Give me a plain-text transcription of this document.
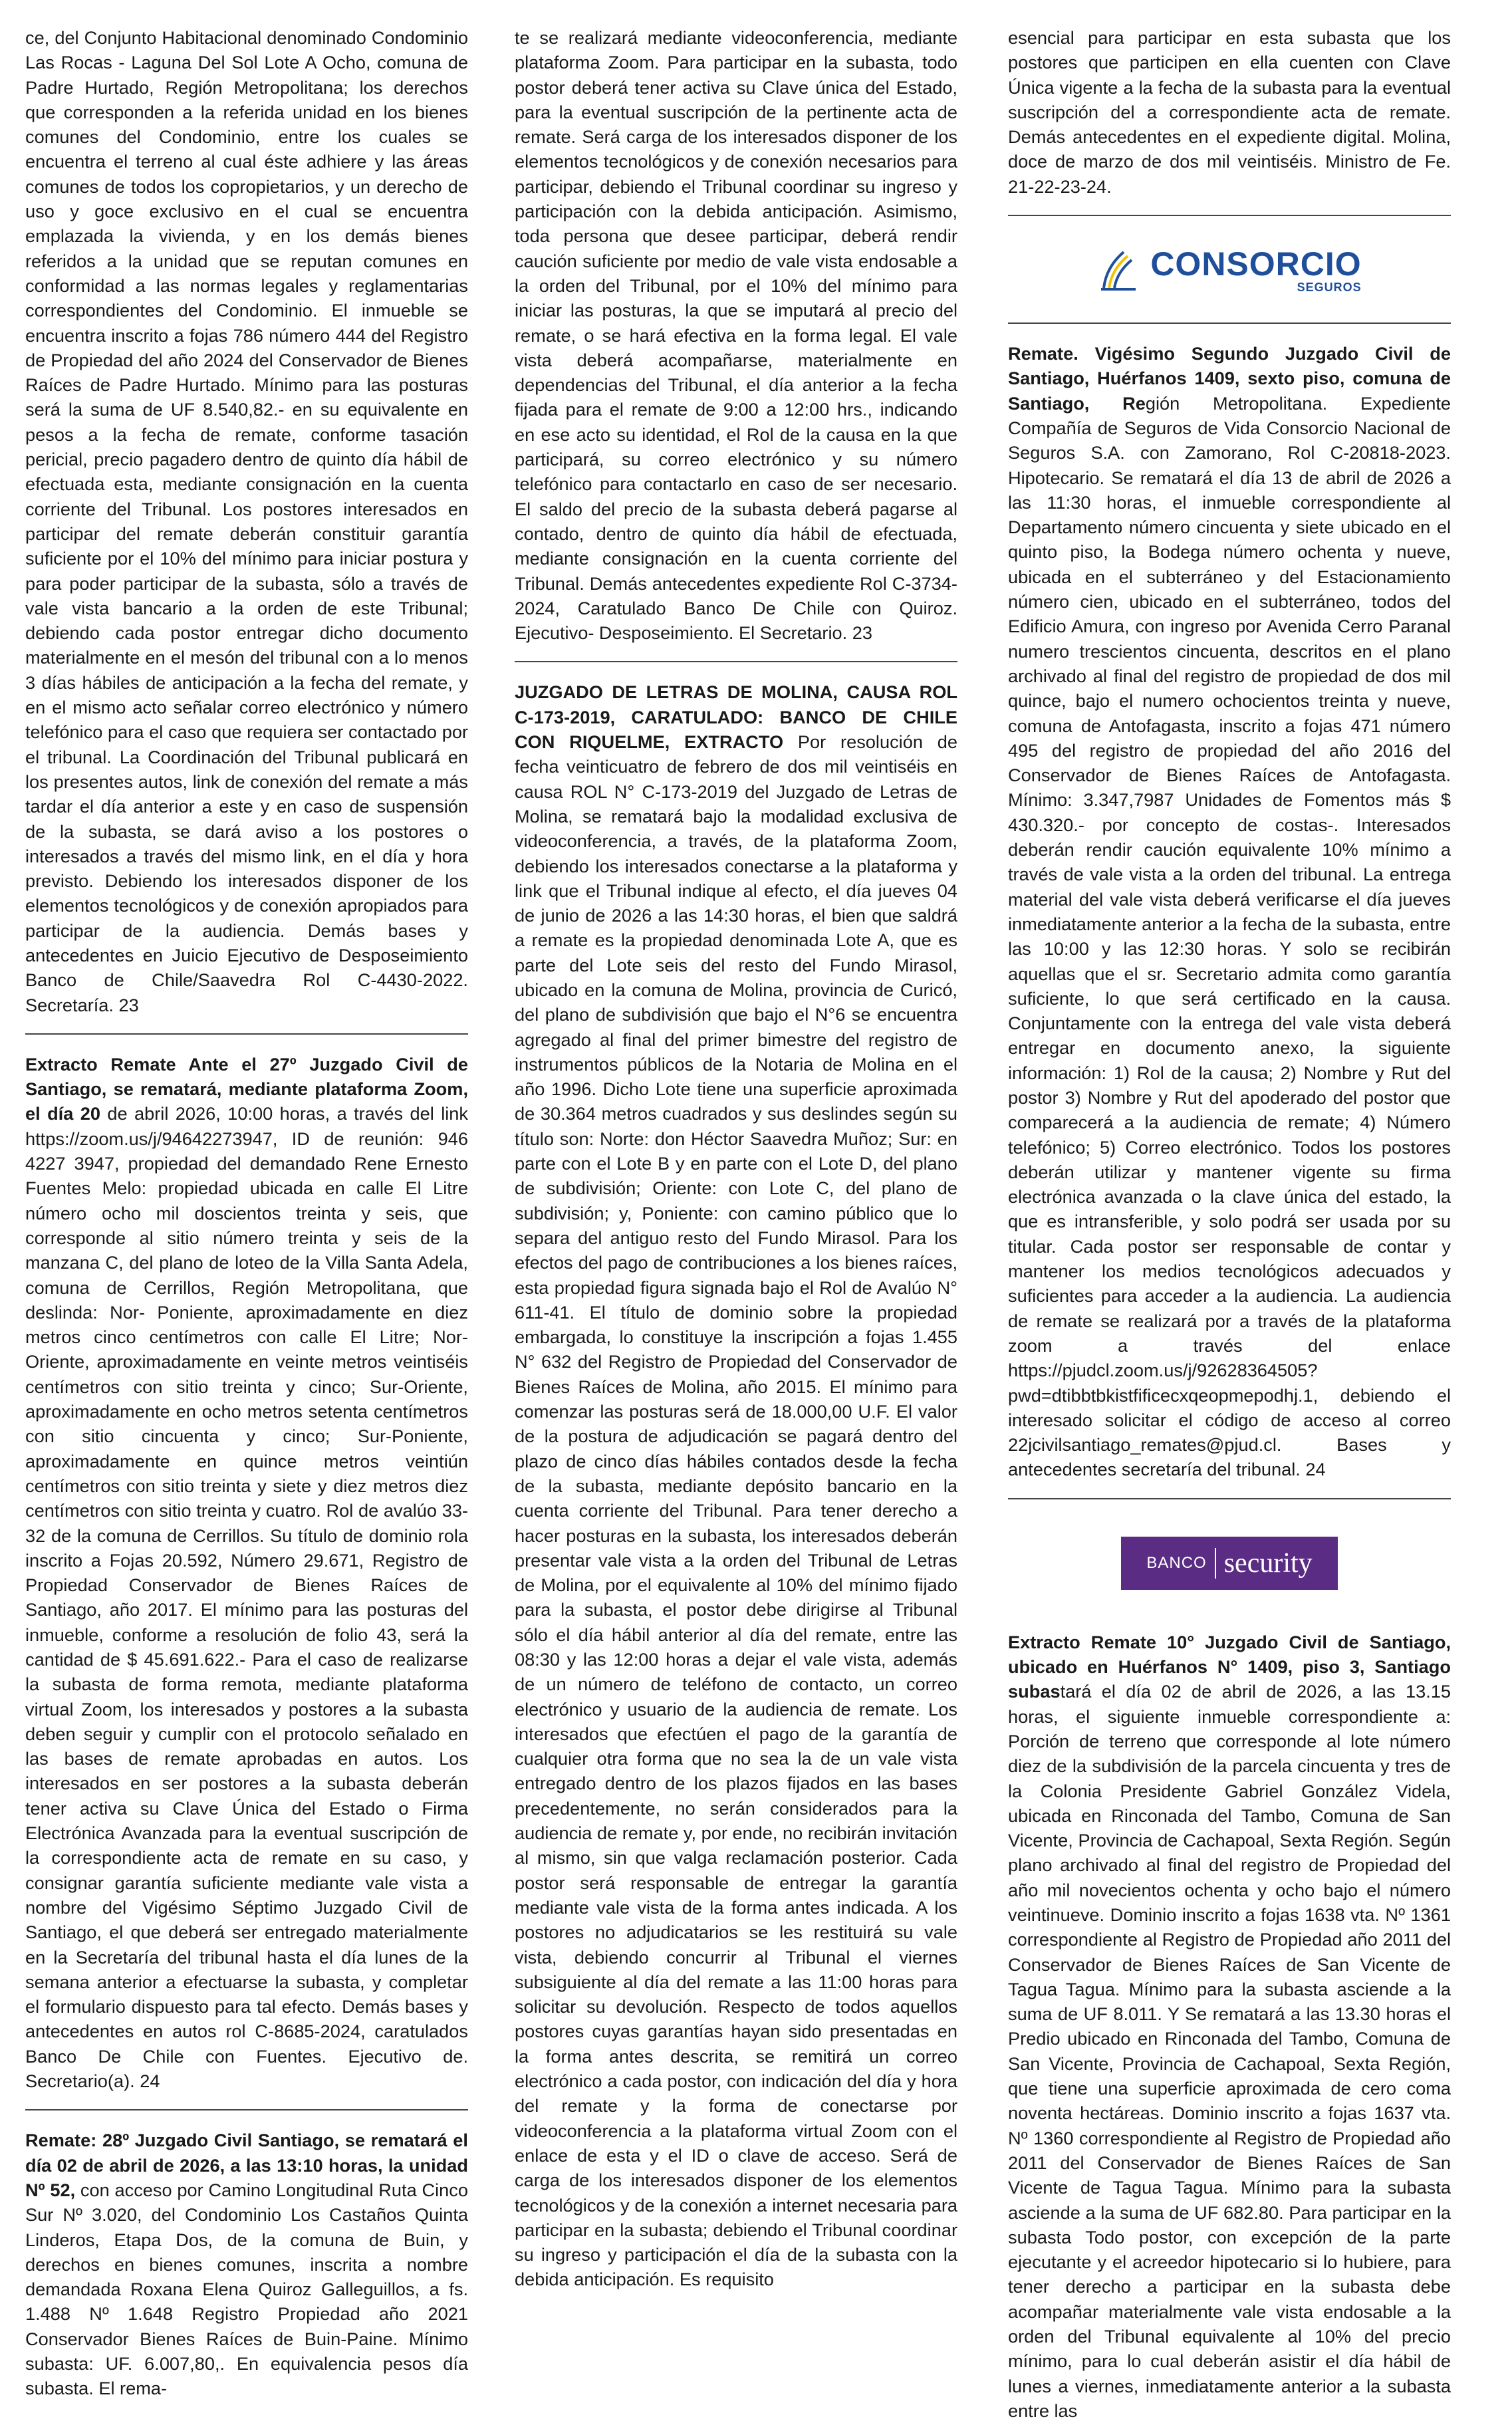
ce, del Conjunto Habitacional denominado Condominio Las Rocas - Laguna Del Sol Lote A Ocho, comuna de Padre Hurtado, Región Metropolitana; los derechos que corresponden a la referida unidad en los bienes comunes del Condominio, entre los cuales se encuentra el terreno al cual éste adhiere y las áreas comunes de todos los copropietarios, y un derecho de uso y goce exclusivo en el cual se encuentra emplazada la vivienda, y en los demás bienes referidos a la unidad que se reputan comunes en conformidad a las normas legales y reglamentarias correspondientes del Condominio. El inmueble se encuentra inscrito a fojas 786 número 444 del Registro de Propiedad del año 2024 del Conservador de Bienes Raíces de Padre Hurtado. Mínimo para las posturas será la suma de UF 8.540,82.- en su equivalente en pesos a la fecha de remate, conforme tasación pericial, precio pagadero dentro de quinto día hábil de efectuada esta, mediante consignación en la cuenta corriente del Tribunal. Los postores interesados en participar del remate deberán constituir garantía suficiente por el 10% del mínimo para iniciar postura y para poder participar de la subasta, sólo a través de vale vista bancario a la orden de este Tribunal; debiendo cada postor entregar dicho documento materialmente en el mesón del tribunal con a lo menos 3 días hábiles de anticipación a la fecha del remate, y en el mismo acto señalar correo electrónico y número telefónico para el caso que requiera ser contactado por el tribunal. La Coordinación del Tribunal publicará en los presentes autos, link de conexión del remate a más tardar el día anterior a este y en caso de suspensión de la subasta, se dará aviso a los postores o interesados a través del mismo link, en el día y hora previsto. Debiendo los interesados disponer de los elementos tecnológicos y de conexión apropiados para participar de la audiencia. Demás bases y antecedentes en Juicio Ejecutivo de Desposeimiento Banco de Chile/Saavedra Rol C-4430-2022. Secretaría. 23

Extracto Remate Ante el 27º Juzgado Civil de Santiago, se rematará, mediante plataforma Zoom, el día 20 de abril 2026, 10:00 horas, a través del link https://zoom.us/j/94642273947, ID de reunión: 946 4227 3947, propiedad del demandado Rene Ernesto Fuentes Melo: propiedad ubicada en calle El Litre número ocho mil doscientos treinta y seis, que corresponde al sitio número treinta y seis de la manzana C, del plano de loteo de la Villa Santa Adela, comuna de Cerrillos, Región Metropolitana, que deslinda: Nor- Poniente, aproximadamente en diez metros cinco centímetros con calle El Litre; Nor-Oriente, aproximadamente en veinte metros veintiséis centímetros con sitio treinta y cinco; Sur-Oriente, aproximadamente en ocho metros setenta centímetros con sitio cincuenta y cinco; Sur-Poniente, aproximadamente en quince metros veintiún centímetros con sitio treinta y siete y diez metros diez centímetros con sitio treinta y cuatro. Rol de avalúo 33-32 de la comuna de Cerrillos. Su título de dominio rola inscrito a Fojas 20.592, Número 29.671, Registro de Propiedad Conservador de Bienes Raíces de Santiago, año 2017. El mínimo para las posturas del inmueble, conforme a resolución de folio 43, será la cantidad de $ 45.691.622.- Para el caso de realizarse la subasta de forma remota, mediante plataforma virtual Zoom, los interesados y postores a la subasta deben seguir y cumplir con el protocolo señalado en las bases de remate aprobadas en autos. Los interesados en ser postores a la subasta deberán tener activa su Clave Única del Estado o Firma Electrónica Avanzada para la eventual suscripción de la correspondiente acta de remate en su caso, y consignar garantía suficiente mediante vale vista a nombre del Vigésimo Séptimo Juzgado Civil de Santiago, el que deberá ser entregado materialmente en la Secretaría del tribunal hasta el día lunes de la semana anterior a efectuarse la subasta, y completar el formulario dispuesto para tal efecto. Demás bases y antecedentes en autos rol C-8685-2024, caratulados Banco De Chile con Fuentes. Ejecutivo de. Secretario(a). 24

Remate: 28º Juzgado Civil Santiago, se rematará el día 02 de abril de 2026, a las 13:10 horas, la unidad Nº 52, con acceso por Camino Longitudinal Ruta Cinco Sur Nº 3.020, del Condominio Los Castaños Quinta Linderos, Etapa Dos, de la comuna de Buin, y derechos en bienes comunes, inscrita a nombre demandada Roxana Elena Quiroz Galleguillos, a fs. 1.488 Nº 1.648 Registro Propiedad año 2021 Conservador Bienes Raíces de Buin-Paine. Mínimo subasta: UF. 6.007,80,. En equivalencia pesos día subasta. El rema-

te se realizará mediante videoconferencia, mediante plataforma Zoom. Para participar en la subasta, todo postor deberá tener activa su Clave única del Estado, para la eventual suscripción de la pertinente acta de remate. Será carga de los interesados disponer de los elementos tecnológicos y de conexión necesarios para participar, debiendo el Tribunal coordinar su ingreso y participación con la debida anticipación. Asimismo, toda persona que desee participar, deberá rendir caución suficiente por medio de vale vista endosable a la orden del Tribunal, por el 10% del mínimo para iniciar las posturas, la que se imputará al precio del remate, o se hará efectiva en la forma legal. El vale vista deberá acompañarse, materialmente en dependencias del Tribunal, el día anterior a la fecha fijada para el remate de 9:00 a 12:00 hrs., indicando en ese acto su identidad, el Rol de la causa en la que participará, su correo electrónico y su número telefónico para contactarlo en caso de ser necesario. El saldo del precio de la subasta deberá pagarse al contado, dentro de quinto día hábil de efectuada, mediante consignación en la cuenta corriente del Tribunal. Demás antecedentes expediente Rol C-3734-2024, Caratulado Banco De Chile con Quiroz. Ejecutivo- Desposeimiento. El Secretario. 23

JUZGADO DE LETRAS DE MOLINA, CAUSA ROL C-173-2019, CARATULADO: BANCO DE CHILE CON RIQUELME, EXTRACTO Por resolución de fecha veinticuatro de febrero de dos mil veintiséis en causa ROL N° C-173-2019 del Juzgado de Letras de Molina, se rematará bajo la modalidad exclusiva de videoconferencia, a través, de la plataforma Zoom, debiendo los interesados conectarse a la plataforma y link que el Tribunal indique al efecto, el día jueves 04 de junio de 2026 a las 14:30 horas, el bien que saldrá a remate es la propiedad denominada Lote A, que es parte del Lote seis del resto del Fundo Mirasol, ubicado en la comuna de Molina, provincia de Curicó, del plano de subdivisión que bajo el N°6 se encuentra agregado al final del primer bimestre del registro de instrumentos públicos de la Notaria de Molina en el año 1996. Dicho Lote tiene una superficie aproximada de 30.364 metros cuadrados y sus deslindes según su título son: Norte: don Héctor Saavedra Muñoz; Sur: en parte con el Lote B y en parte con el Lote D, del plano de subdivisión; Oriente: con Lote C, del plano de subdivisión; y, Poniente: con camino público que lo separa del antiguo resto del Fundo Mirasol. Para los efectos del pago de contribuciones a los bienes raíces, esta propiedad figura signada bajo el Rol de Avalúo N° 611-41. El título de dominio sobre la propiedad embargada, lo constituye la inscripción a fojas 1.455 N° 632 del Registro de Propiedad del Conservador de Bienes Raíces de Molina, año 2015. El mínimo para comenzar las posturas será de 18.000,00 U.F. El valor de la postura de adjudicación se pagará dentro del plazo de cinco días hábiles contados desde la fecha de la subasta, mediante depósito bancario en la cuenta corriente del Tribunal. Para tener derecho a hacer posturas en la subasta, los interesados deberán presentar vale vista a la orden del Tribunal de Letras de Molina, por el equivalente al 10% del mínimo fijado para la subasta, el postor debe dirigirse al Tribunal sólo el día hábil anterior al día del remate, entre las 08:30 y las 12:00 horas a dejar el vale vista, además de un número de teléfono de contacto, un correo electrónico y usuario de la audiencia de remate. Los interesados que efectúen el pago de la garantía de cualquier otra forma que no sea la de un vale vista entregado dentro de los plazos fijados en las bases precedentemente, no serán considerados para la audiencia de remate y, por ende, no recibirán invitación al mismo, sin que valga reclamación posterior. Cada postor será responsable de entregar la garantía mediante vale vista de la forma antes indicada. A los postores no adjudicatarios se les restituirá su vale vista, debiendo concurrir al Tribunal el viernes subsiguiente al día del remate a las 11:00 horas para solicitar su devolución. Respecto de todos aquellos postores cuyas garantías hayan sido presentadas en la forma antes descrita, se remitirá un correo electrónico a cada postor, con indicación del día y hora del remate y la forma de conectarse por videoconferencia a la plataforma virtual Zoom con el enlace de esta y el ID o clave de acceso. Será de carga de los interesados disponer de los elementos tecnológicos y de la conexión a internet necesaria para participar en la subasta; debiendo el Tribunal coordinar su ingreso y participación el día de la subasta con la debida anticipación. Es requisito

esencial para participar en esta subasta que los postores que participen en ella cuenten con Clave Única vigente a la fecha de la subasta para la eventual suscripción del a correspondiente acta de remate. Demás antecedentes en el expediente digital. Molina, doce de marzo de dos mil veintiséis. Ministro de Fe. 21-22-23-24.

CONSORCIO
SEGUROS

Remate. Vigésimo Segundo Juzgado Civil de Santiago, Huérfanos 1409, sexto piso, comuna de Santiago, Región Metropolitana. Expediente Compañía de Seguros de Vida Consorcio Nacional de Seguros S.A. con Zamorano, Rol C-20818-2023. Hipotecario. Se rematará el día 13 de abril de 2026 a las 11:30 horas, el inmueble correspondiente al Departamento número cincuenta y siete ubicado en el quinto piso, la Bodega número ochenta y nueve, ubicada en el subterráneo y del Estacionamiento número cien, ubicado en el subterráneo, todos del Edificio Amura, con ingreso por Avenida Cerro Paranal numero trescientos cincuenta, descritos en el plano archivado al final del registro de propiedad de dos mil quince, bajo el numero ochocientos treinta y nueve, comuna de Antofagasta, inscrito a fojas 471 número 495 del registro de propiedad del año 2016 del Conservador de Bienes Raíces de Antofagasta. Mínimo: 3.347,7987 Unidades de Fomentos más $ 430.320.- por concepto de costas-. Interesados deberán rendir caución equivalente 10% mínimo a través de vale vista a la orden del tribunal. La entrega material del vale vista deberá verificarse el día jueves inmediatamente anterior a la fecha de la subasta, entre las 10:00 y las 12:30 horas. Y solo se recibirán aquellas que el sr. Secretario admita como garantía suficiente, lo que será certificado en la causa. Conjuntamente con la entrega del vale vista deberá entregar en documento anexo, la siguiente información: 1) Rol de la causa; 2) Nombre y Rut del postor 3) Nombre y Rut del apoderado del postor que comparecerá a la audiencia de remate; 4) Número telefónico; 5) Correo electrónico. Todos los postores deberán utilizar y mantener vigente su firma electrónica avanzada o la clave única del estado, la que es intransferible, y solo podrá ser usada por su titular. Cada postor ser responsable de contar y mantener los medios tecnológicos adecuados y suficientes para acceder a la audiencia. La audiencia de remate se realizará por a través de la plataforma zoom a través del enlace https://pjudcl.zoom.us/j/92628364505?pwd=dtibbtbkistfificecxqeopmepodhj.1, debiendo el interesado solicitar el código de acceso al correo 22jcivilsantiago_remates@pjud.cl. Bases y antecedentes secretaría del tribunal. 24

BANCO security

Extracto Remate 10° Juzgado Civil de Santiago, ubicado en Huérfanos N° 1409, piso 3, Santiago subastará el día 02 de abril de 2026, a las 13.15 horas, el siguiente inmueble correspondiente a: Porción de terreno que corresponde al lote número diez de la subdivisión de la parcela cincuenta y tres de la Colonia Presidente Gabriel González Videla, ubicada en Rinconada del Tambo, Comuna de San Vicente, Provincia de Cachapoal, Sexta Región. Según plano archivado al final del registro de Propiedad del año mil novecientos ochenta y ocho bajo el número veintinueve. Dominio inscrito a fojas 1638 vta. Nº 1361 correspondiente al Registro de Propiedad año 2011 del Conservador de Bienes Raíces de San Vicente de Tagua Tagua. Mínimo para la subasta asciende a la suma de UF 8.011. Y Se rematará a las 13.30 horas el Predio ubicado en Rinconada del Tambo, Comuna de San Vicente, Provincia de Cachapoal, Sexta Región, que tiene una superficie aproximada de cero coma noventa hectáreas. Dominio inscrito a fojas 1637 vta. Nº 1360 correspondiente al Registro de Propiedad año 2011 del Conservador de Bienes Raíces de San Vicente de Tagua Tagua. Mínimo para la subasta asciende a la suma de UF 682.80. Para participar en la subasta Todo postor, con excepción de la parte ejecutante y el acreedor hipotecario si lo hubiere, para tener derecho a participar en la subasta debe acompañar materialmente vale vista endosable a la orden del Tribunal equivalente al 10% del precio mínimo, para lo cual deberán asistir el día hábil de lunes a viernes, inmediatamente anterior a la subasta entre las
